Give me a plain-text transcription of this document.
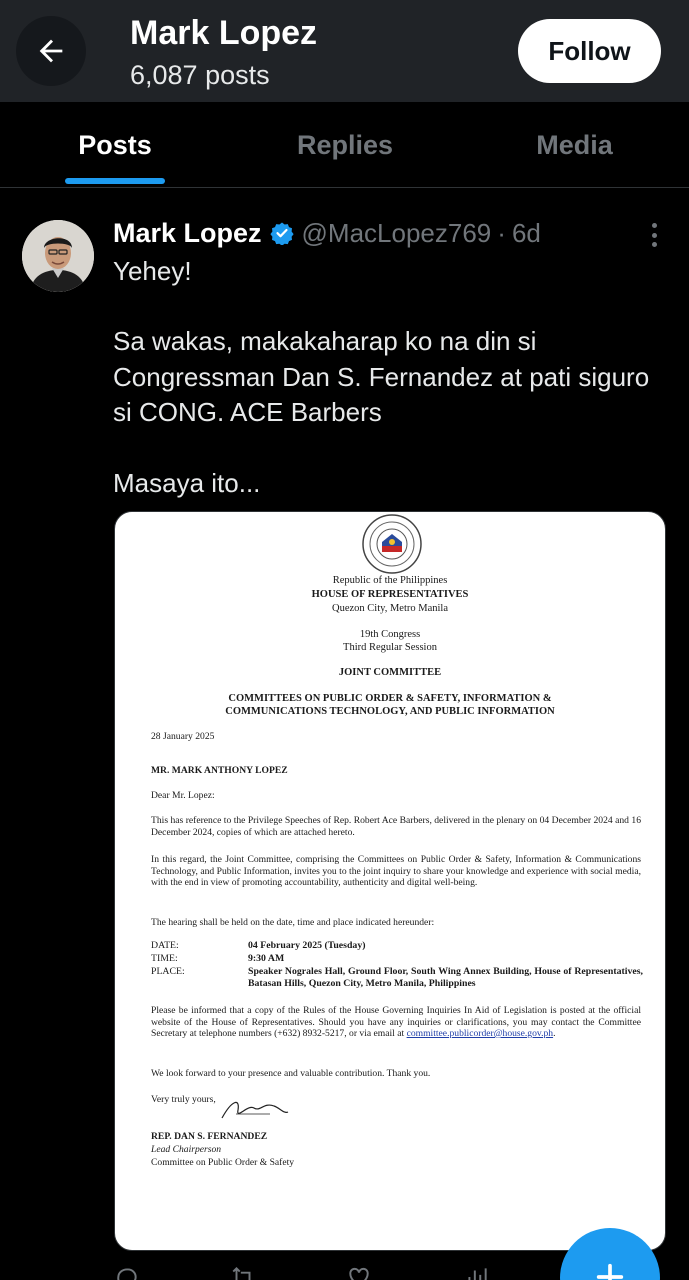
Mark Lopez
6,087 posts
Follow
Posts	Replies	Media
Mark Lopez @MacLopez769 · 6d
Yehey!
Sa wakas, makakaharap ko na din si
Congressman Dan S. Fernandez at pati siguro
si CONG. ACE Barbers
Masaya ito...
Republic of the Philippines
HOUSE OF REPRESENTATIVES
Quezon City, Metro Manila
19th Congress
Third Regular Session
JOINT COMMITTEE
COMMITTEES ON PUBLIC ORDER & SAFETY, INFORMATION &
COMMUNICATIONS TECHNOLOGY, AND PUBLIC INFORMATION
28 January 2025
MR. MARK ANTHONY LOPEZ
Dear Mr. Lopez:
This has reference to the Privilege Speeches of Rep. Robert Ace Barbers, delivered in the plenary on 04 December 2024 and 16 December 2024, copies of which are attached hereto.
In this regard, the Joint Committee, comprising the Committees on Public Order & Safety, Information & Communications Technology, and Public Information, invites you to the joint inquiry to share your knowledge and experience with social media, with the end in view of promoting accountability, authenticity and digital well-being.
The hearing shall be held on the date, time and place indicated hereunder:
DATE:	04 February 2025 (Tuesday)
TIME:	9:30 AM
PLACE:	Speaker Nograles Hall, Ground Floor, South Wing Annex Building, House of Representatives, Batasan Hills, Quezon City, Metro Manila, Philippines
Please be informed that a copy of the Rules of the House Governing Inquiries In Aid of Legislation is posted at the official website of the House of Representatives. Should you have any inquiries or clarifications, you may contact the Committee Secretary at telephone numbers (+632) 8932-5217, or via email at committee.publicorder@house.gov.ph.
We look forward to your presence and valuable contribution. Thank you.
Very truly yours,
REP. DAN S. FERNANDEZ
Lead Chairperson
Committee on Public Order & Safety
